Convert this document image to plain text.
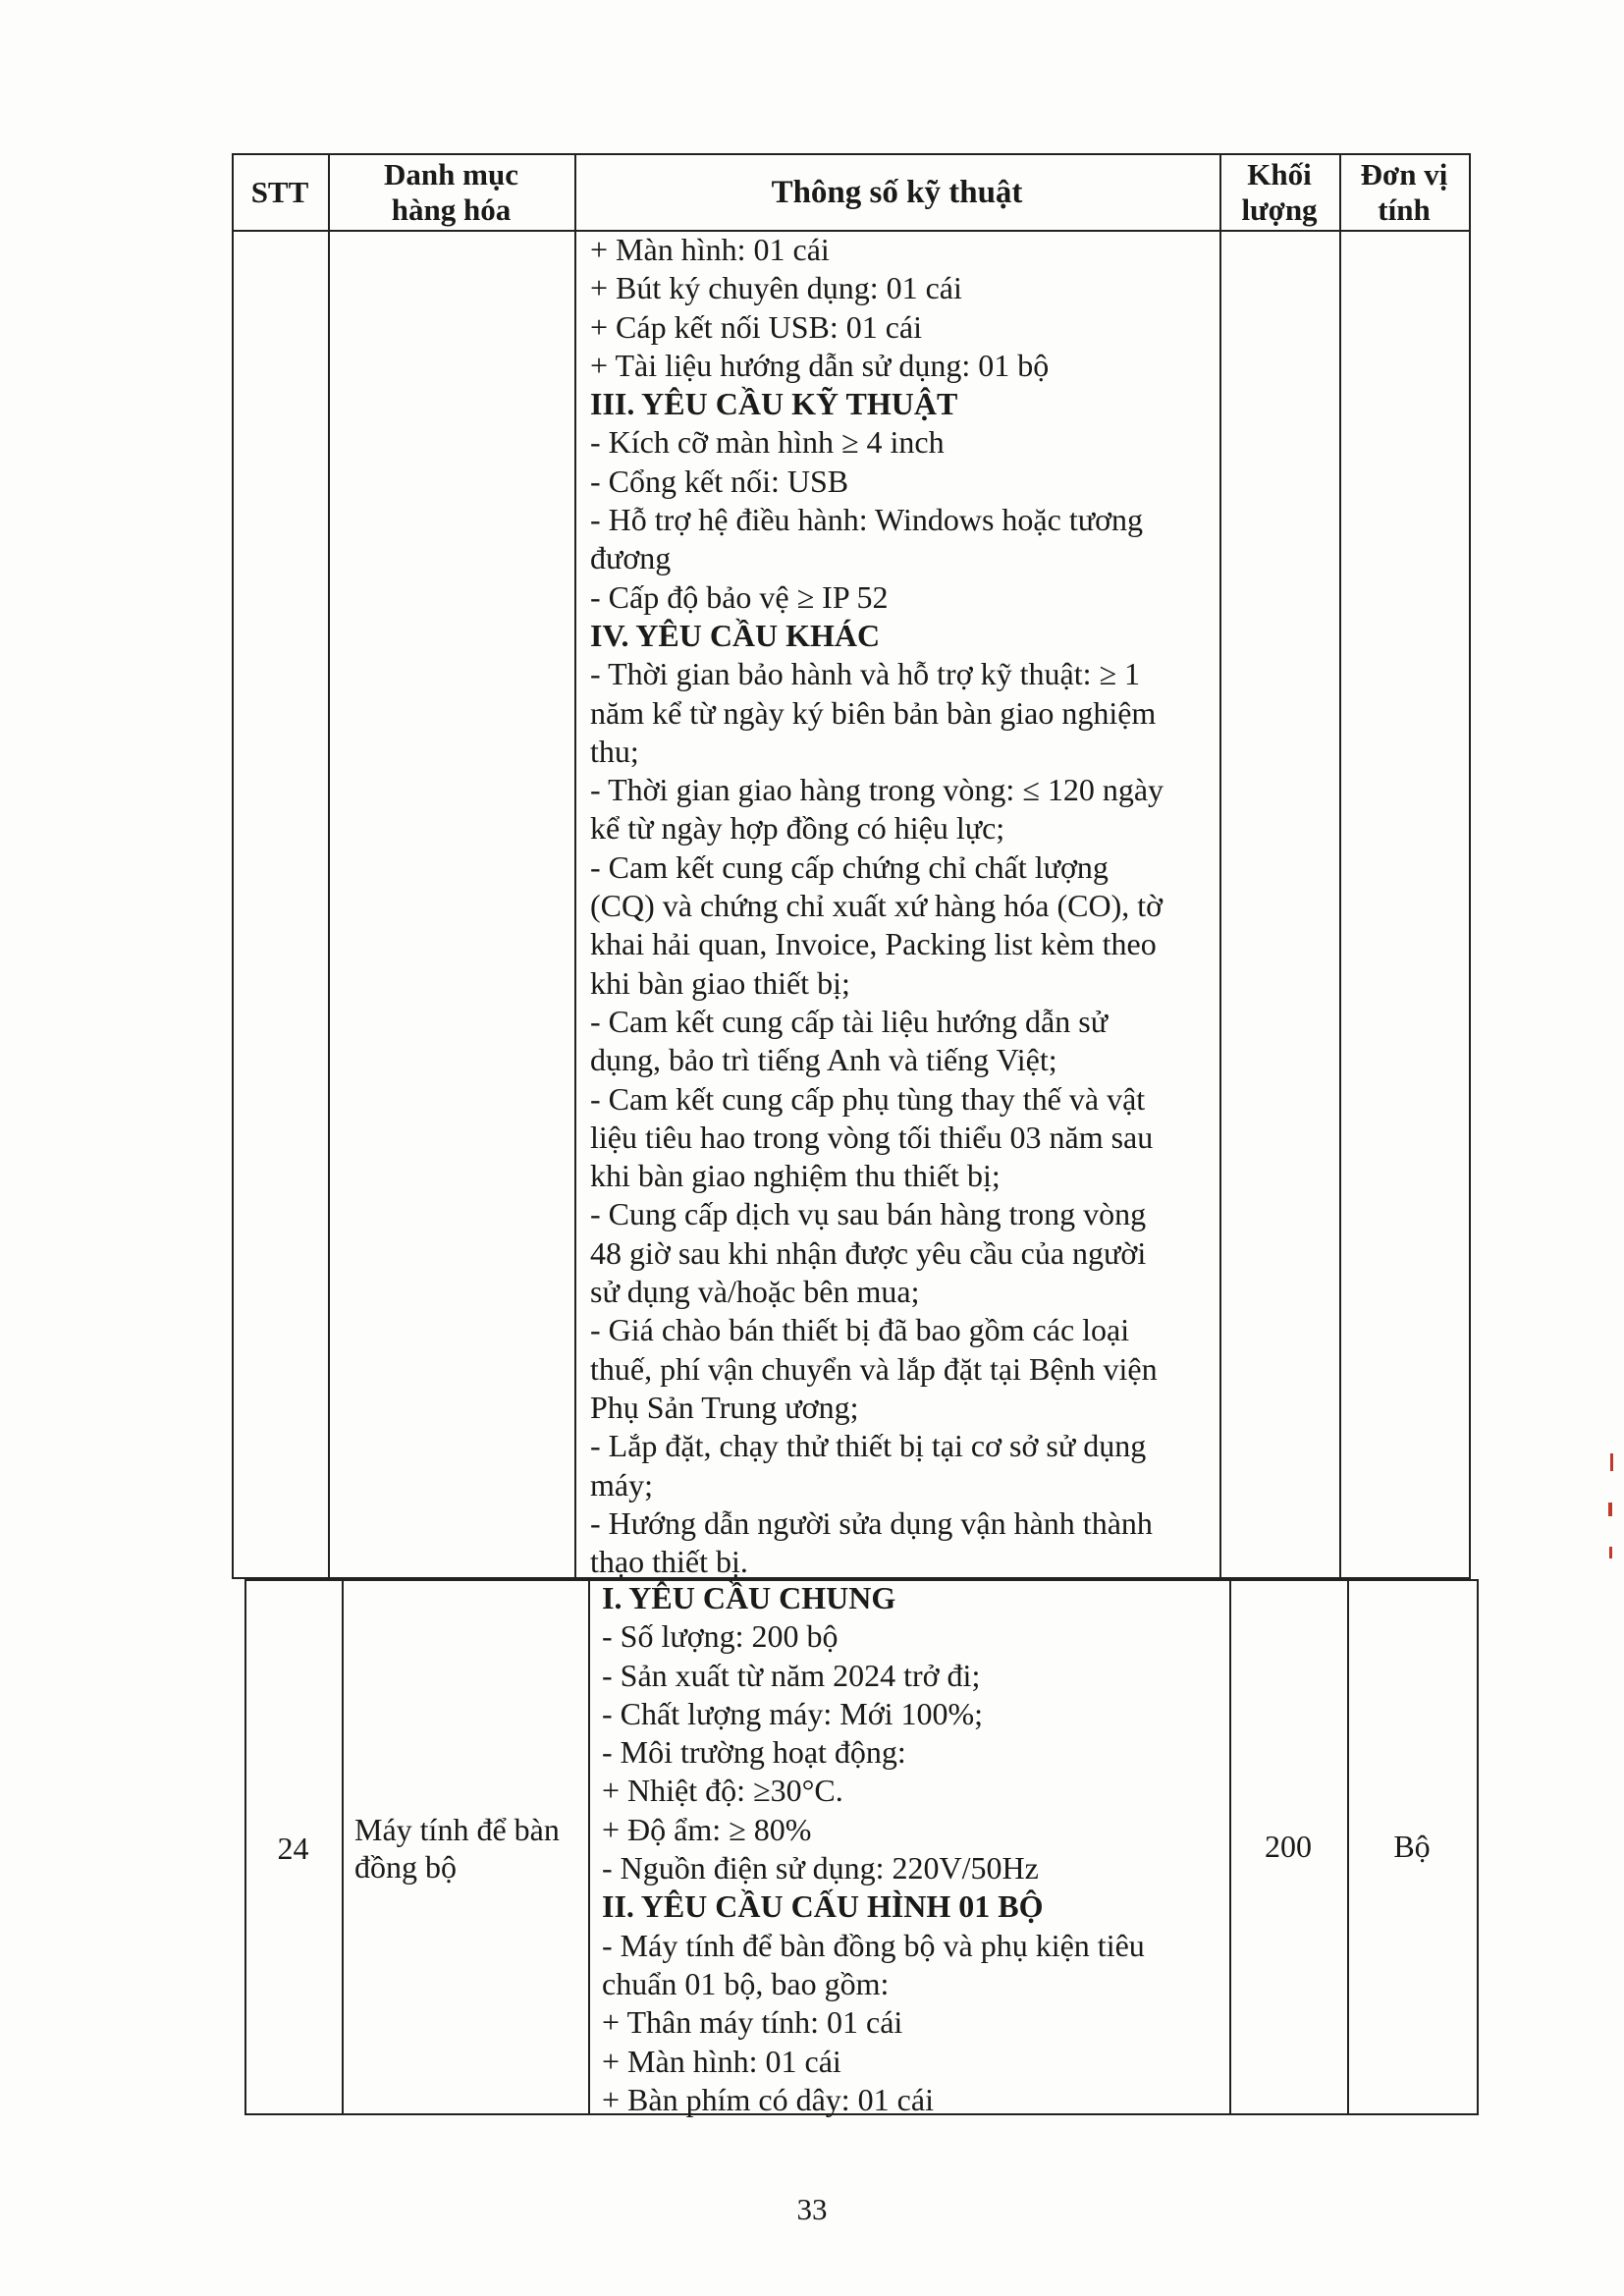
STT
Danh mục
hàng hóa	Thông số kỹ thuật
Khối
lượng
Đơn vị
tính
+ Màn hình: 01 cái
+ Bút ký chuyên dụng: 01 cái
+ Cáp kết nối USB: 01 cái
+ Tài liệu hướng dẫn sử dụng: 01 bộ
III. YÊU CẦU KỸ THUẬT
- Kích cỡ màn hình ≥ 4 inch
- Cổng kết nối: USB
- Hỗ trợ hệ điều hành: Windows hoặc tương
đương
- Cấp độ bảo vệ ≥ IP 52
IV. YÊU CẦU KHÁC
- Thời gian bảo hành và hỗ trợ kỹ thuật: ≥ 1
năm kể từ ngày ký biên bản bàn giao nghiệm
thu;
- Thời gian giao hàng trong vòng: ≤ 120 ngày
kể từ ngày hợp đồng có hiệu lực;
- Cam kết cung cấp chứng chỉ chất lượng
(CQ) và chứng chỉ xuất xứ hàng hóa (CO), tờ
khai hải quan, Invoice, Packing list kèm theo
khi bàn giao thiết bị;
- Cam kết cung cấp tài liệu hướng dẫn sử
dụng, bảo trì tiếng Anh và tiếng Việt;
- Cam kết cung cấp phụ tùng thay thế và vật
liệu tiêu hao trong vòng tối thiểu 03 năm sau
khi bàn giao nghiệm thu thiết bị;
- Cung cấp dịch vụ sau bán hàng trong vòng
48 giờ sau khi nhận được yêu cầu của người
sử dụng và/hoặc bên mua;
- Giá chào bán thiết bị đã bao gồm các loại
thuế, phí vận chuyển và lắp đặt tại Bệnh viện
Phụ Sản Trung ương;
- Lắp đặt, chạy thử thiết bị tại cơ sở sử dụng
máy;
- Hướng dẫn người sửa dụng vận hành thành
thạo thiết bị.
24
Máy tính để bàn
đồng bộ
I. YÊU CẦU CHUNG
- Số lượng: 200 bộ
- Sản xuất từ năm 2024 trở đi;
- Chất lượng máy: Mới 100%;
- Môi trường hoạt động:
+ Nhiệt độ: ≥30°C.
+ Độ ẩm: ≥ 80%
- Nguồn điện sử dụng: 220V/50Hz
II. YÊU CẦU CẤU HÌNH 01 BỘ
- Máy tính để bàn đồng bộ và phụ kiện tiêu
chuẩn 01 bộ, bao gồm:
+ Thân máy tính: 01 cái
+ Màn hình: 01 cái
+ Bàn phím có dây: 01 cái
200	Bộ
33
